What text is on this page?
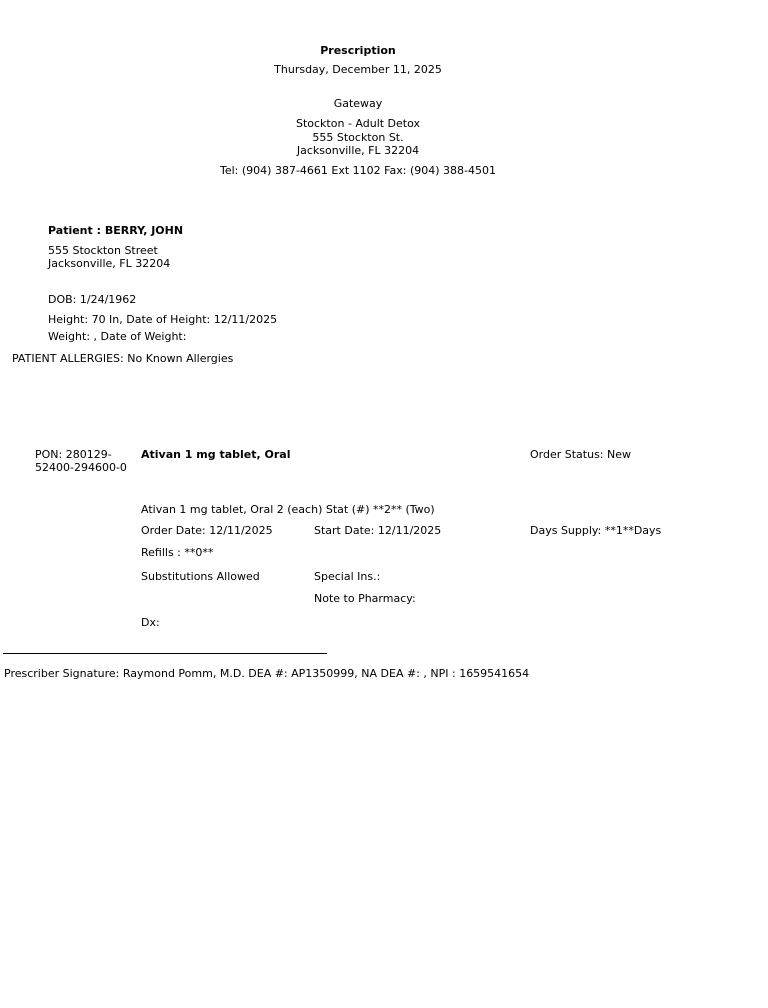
Prescription
Thursday, December 11, 2025
Gateway
Stockton - Adult Detox
555 Stockton St.
Jacksonville, FL 32204
Tel: (904) 387-4661 Ext 1102 Fax: (904) 388-4501
Patient : BERRY, JOHN
555 Stockton Street
Jacksonville, FL 32204
DOB: 1/24/1962
Height: 70 In, Date of Height: 12/11/2025
Weight: , Date of Weight:
PATIENT ALLERGIES: No Known Allergies
PON: 280129-
52400-294600-0
Ativan 1 mg tablet, Oral	Order Status: New
Ativan 1 mg tablet, Oral 2 (each) Stat (#) **2** (Two)
Order Date: 12/11/2025	Start Date: 12/11/2025	Days Supply: **1**Days
Refills : **0**
Substitutions Allowed	Special Ins.:
Note to Pharmacy:
Dx:
Prescriber Signature: Raymond Pomm, M.D. DEA #: AP1350999, NA DEA #: , NPI : 1659541654
